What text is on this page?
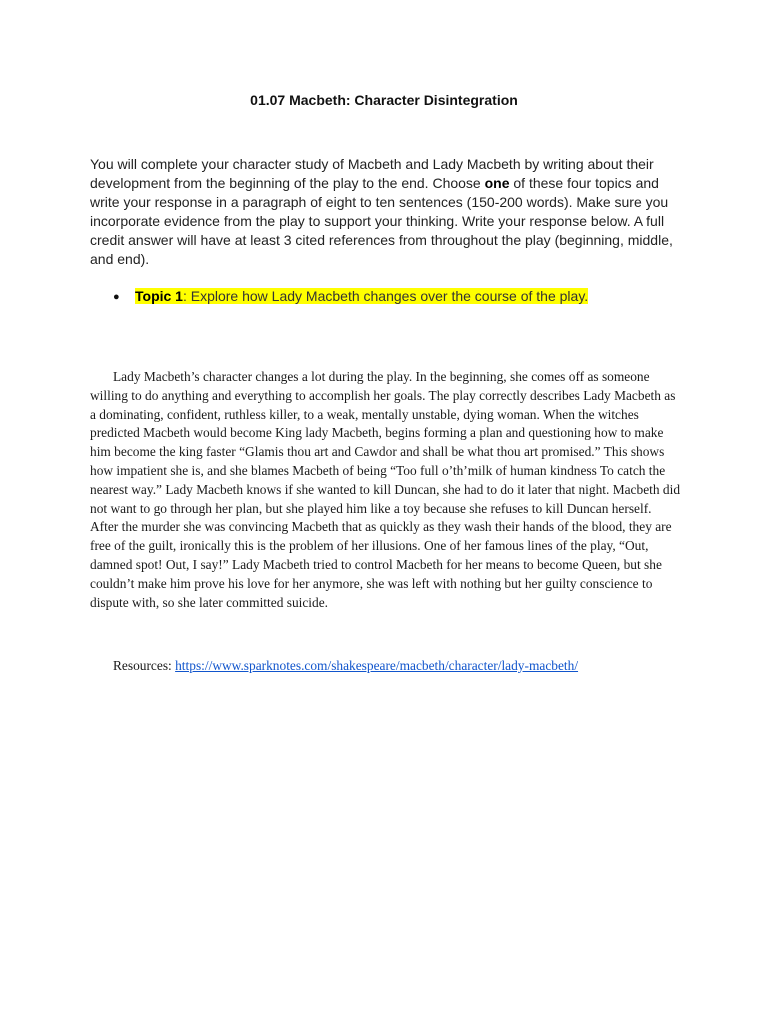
01.07 Macbeth: Character Disintegration
You will complete your character study of Macbeth and Lady Macbeth by writing about their development from the beginning of the play to the end. Choose one of these four topics and write your response in a paragraph of eight to ten sentences (150-200 words). Make sure you incorporate evidence from the play to support your thinking. Write your response below. A full credit answer will have at least 3 cited references from throughout the play (beginning, middle, and end).
● Topic 1: Explore how Lady Macbeth changes over the course of the play.

Lady Macbeth’s character changes a lot during the play. In the beginning, she comes off as someone willing to do anything and everything to accomplish her goals. The play correctly describes Lady Macbeth as a dominating, confident, ruthless killer, to a weak, mentally unstable, dying woman. When the witches predicted Macbeth would become King lady Macbeth, begins forming a plan and questioning how to make him become the king faster “Glamis thou art and Cawdor and shall be what thou art promised.” This shows how impatient she is, and she blames Macbeth of being “Too full o’th’milk of human kindness To catch the nearest way.” Lady Macbeth knows if she wanted to kill Duncan, she had to do it later that night. Macbeth did not want to go through her plan, but she played him like a toy because she refuses to kill Duncan herself. After the murder she was convincing Macbeth that as quickly as they wash their hands of the blood, they are free of the guilt, ironically this is the problem of her illusions. One of her famous lines of the play, “Out, damned spot! Out, I say!” Lady Macbeth tried to control Macbeth for her means to become Queen, but she couldn’t make him prove his love for her anymore, she was left with nothing but her guilty conscience to dispute with, so she later committed suicide.

Resources: https://www.sparknotes.com/shakespeare/macbeth/character/lady-macbeth/
